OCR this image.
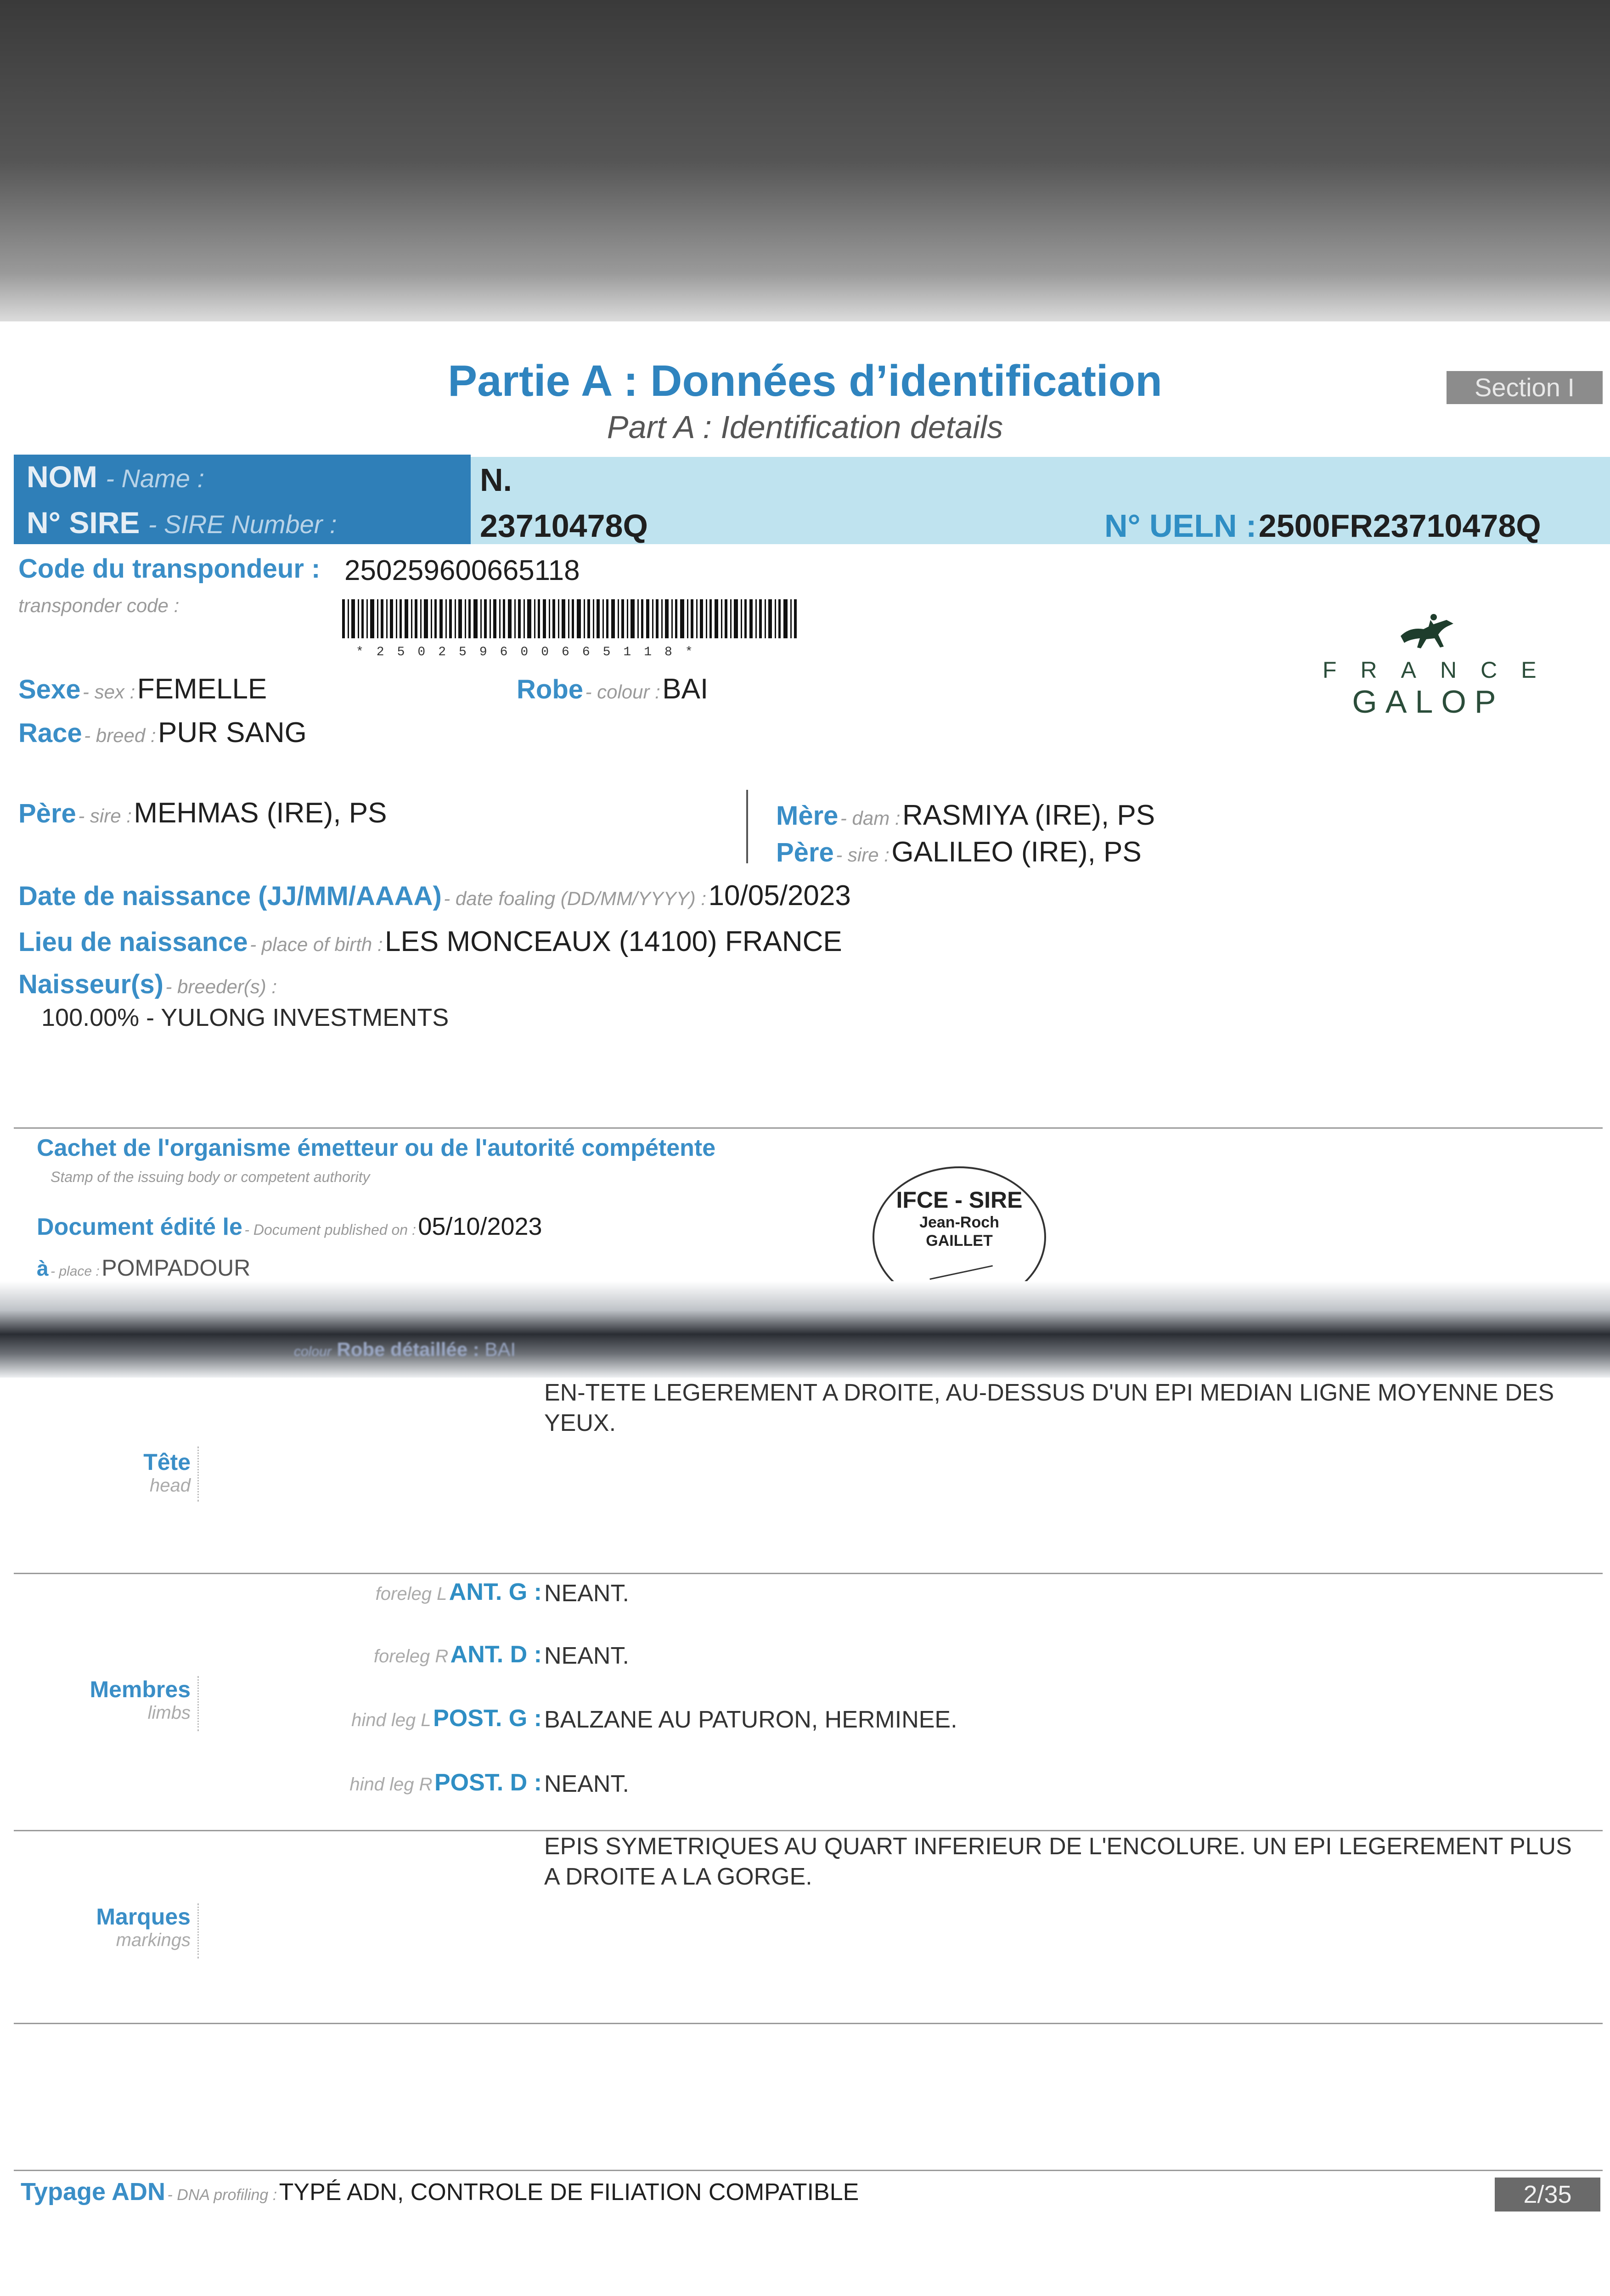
Partie A : Données d’identification
Part A : Identification details
Section I
NOM - Name :
N° SIRE - SIRE Number :
N.
23710478Q	N° UELN : 2500FR23710478Q
Code du transpondeur : 250259600665118
transponder code :
*250259600665118*
Sexe - sex : FEMELLE
Race - breed : PUR SANG
Robe - colour : BAI
FRANCE
GALOP
Père - sire : MEHMAS (IRE), PS	Mère - dam : RASMIYA (IRE), PS
Père - sire : GALILEO (IRE), PS
Date de naissance (JJ/MM/AAAA) - date foaling (DD/MM/YYYY) : 10/05/2023
Lieu de naissance - place of birth : LES MONCEAUX (14100) FRANCE
Naisseur(s) - breeder(s) :
100.00% - YULONG INVESTMENTS
Cachet de l'organisme émetteur ou de l'autorité compétente
Stamp of the issuing body or competent authority
Document édité le - Document published on : 05/10/2023
à - place : POMPADOUR
IFCE - SIRE
Jean-Roch
GAILLET
colour Robe détaillée : BAI
EN-TETE LEGEREMENT A DROITE, AU-DESSUS D'UN EPI MEDIAN LIGNE MOYENNE DES YEUX.
Tête
head
Membres
limbs
foreleg L ANT. G : NEANT.
foreleg R ANT. D : NEANT.
hind leg L POST. G : BALZANE AU PATURON, HERMINEE.
hind leg R POST. D : NEANT.
EPIS SYMETRIQUES AU QUART INFERIEUR DE L'ENCOLURE. UN EPI LEGEREMENT PLUS A DROITE A LA GORGE.
Marques
markings
Typage ADN - DNA profiling : TYPÉ ADN, CONTROLE DE FILIATION COMPATIBLE	2/35
